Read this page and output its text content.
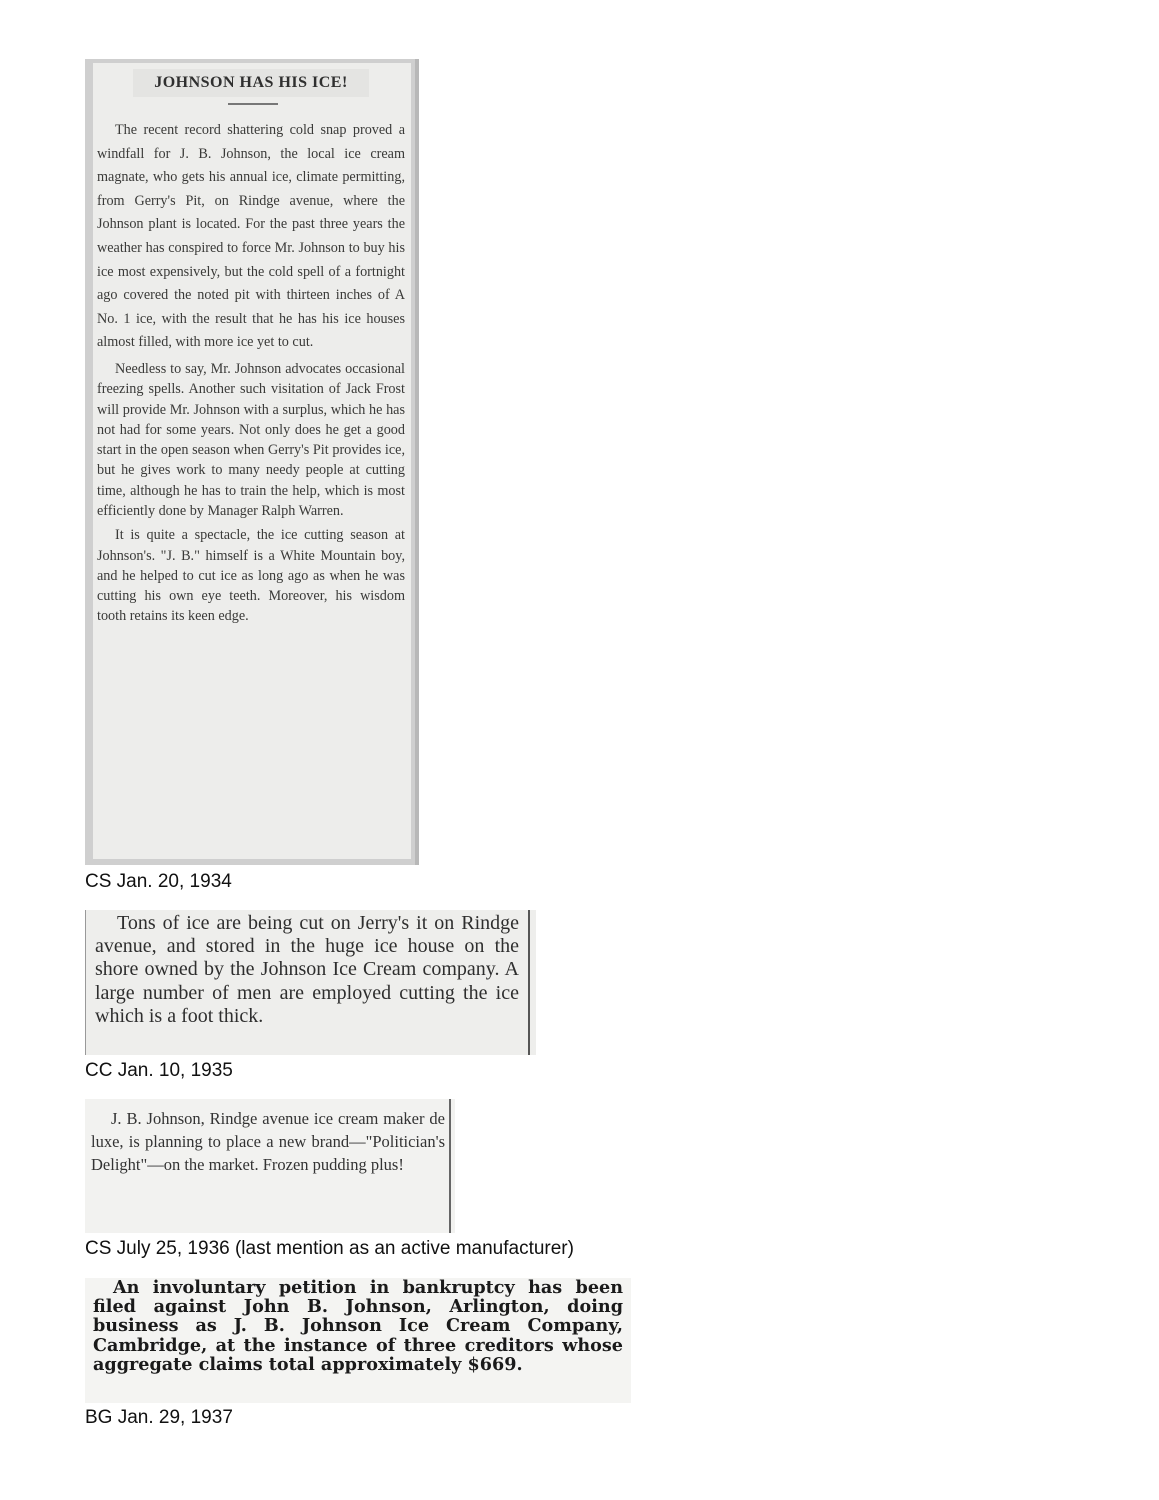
JOHNSON HAS HIS ICE!

The recent record shattering cold snap proved a windfall for J. B. Johnson, the local ice cream magnate, who gets his annual ice, climate permitting, from Gerry's Pit, on Rindge avenue, where the Johnson plant is located. For the past three years the weather has conspired to force Mr. Johnson to buy his ice most expensively, but the cold spell of a fortnight ago covered the noted pit with thirteen inches of A No. 1 ice, with the result that he has his ice houses almost filled, with more ice yet to cut.

Needless to say, Mr. Johnson advocates occasional freezing spells. Another such visitation of Jack Frost will provide Mr. Johnson with a surplus, which he has not had for some years. Not only does he get a good start in the open season when Gerry's Pit provides ice, but he gives work to many needy people at cutting time, although he has to train the help, which is most efficiently done by Manager Ralph Warren.

It is quite a spectacle, the ice cutting season at Johnson's. "J. B." himself is a White Mountain boy, and he helped to cut ice as long ago as when he was cutting his own eye teeth. Moreover, his wisdom tooth retains its keen edge.

CS Jan. 20, 1934

Tons of ice are being cut on Jerry's it on Rindge avenue, and stored in the huge ice house on the shore owned by the Johnson Ice Cream company. A large number of men are employed cutting the ice which is a foot thick.

CC Jan. 10, 1935

J. B. Johnson, Rindge avenue ice cream maker de luxe, is planning to place a new brand—"Politician's Delight"—on the market. Frozen pudding plus!

CS July 25, 1936 (last mention as an active manufacturer)

An involuntary petition in bankruptcy has been filed against John B. Johnson, Arlington, doing business as J. B. Johnson Ice Cream Company, Cambridge, at the instance of three creditors whose aggregate claims total approximately $669.

BG Jan. 29, 1937
